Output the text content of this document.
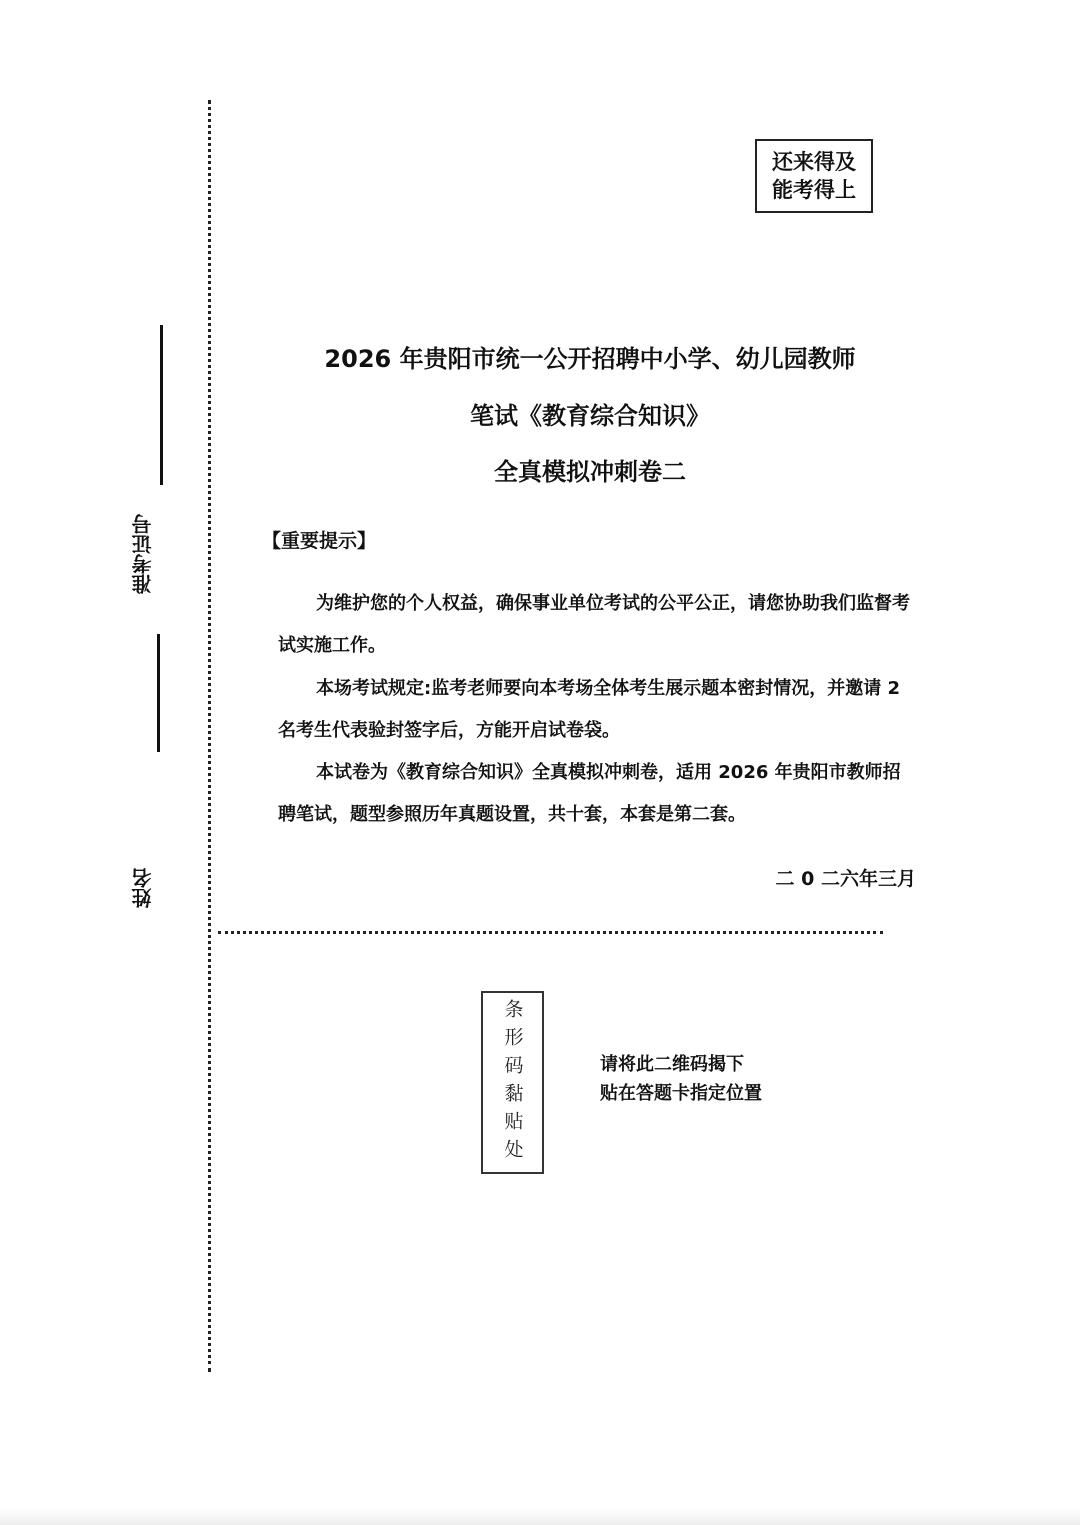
准考证号
姓名
还来得及
能考得上
2026 年贵阳市统一公开招聘中小学、幼儿园教师
笔试《教育综合知识》
全真模拟冲刺卷二
【重要提示】
为维护您的个人权益，确保事业单位考试的公平公正，请您协助我们监督考试实施工作。
本场考试规定:监考老师要向本考场全体考生展示题本密封情况，并邀请 2 名考生代表验封签字后，方能开启试卷袋。
本试卷为《教育综合知识》全真模拟冲刺卷，适用 2026 年贵阳市教师招聘笔试，题型参照历年真题设置，共十套，本套是第二套。
二 0 二六年三月
条形码黏贴处	请将此二维码揭下
贴在答题卡指定位置
